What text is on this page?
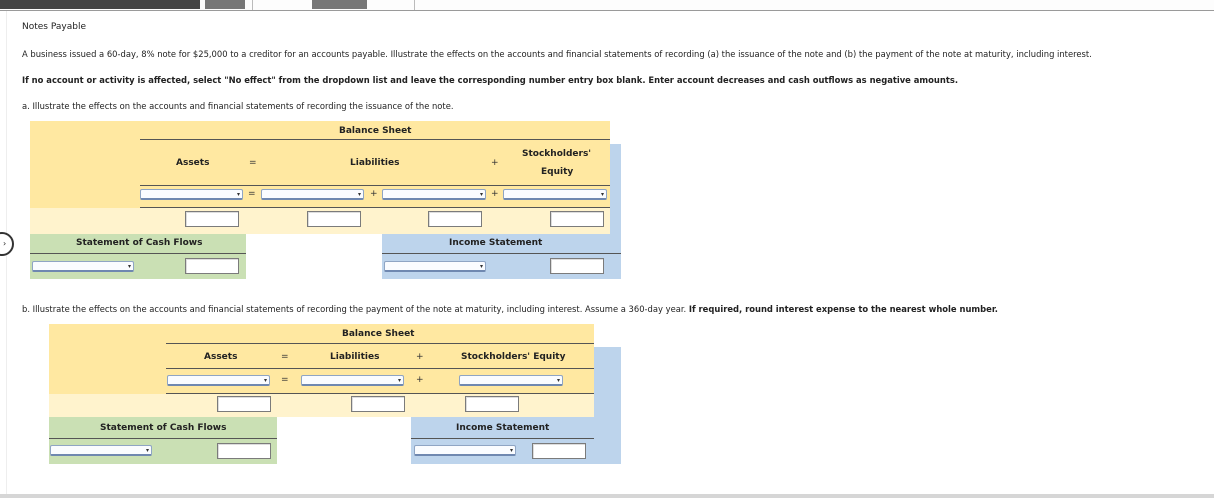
›
Notes Payable
A business issued a 60-day, 8% note for $25,000 to a creditor for an accounts payable. Illustrate the effects on the accounts and financial statements of recording (a) the issuance of the note and (b) the payment of the note at maturity, including interest.
If no account or activity is affected, select "No effect" from the dropdown list and leave the corresponding number entry box blank. Enter account decreases and cash outflows as negative amounts.
a. Illustrate the effects on the accounts and financial statements of recording the issuance of the note.
Balance Sheet
Assets	=	Liabilities	+
Stockholders'
Equity
▾ =	▾ +	▾ +	▾
Statement of Cash Flows
▾
Income Statement
▾
b. Illustrate the effects on the accounts and financial statements of recording the payment of the note at maturity, including interest. Assume a 360-day year. If required, round interest expense to the nearest whole number.
Balance Sheet
Assets	=	Liabilities	+	Stockholders' Equity
▾ =	▾ +	▾
Statement of Cash Flows
▾
Income Statement
▾
